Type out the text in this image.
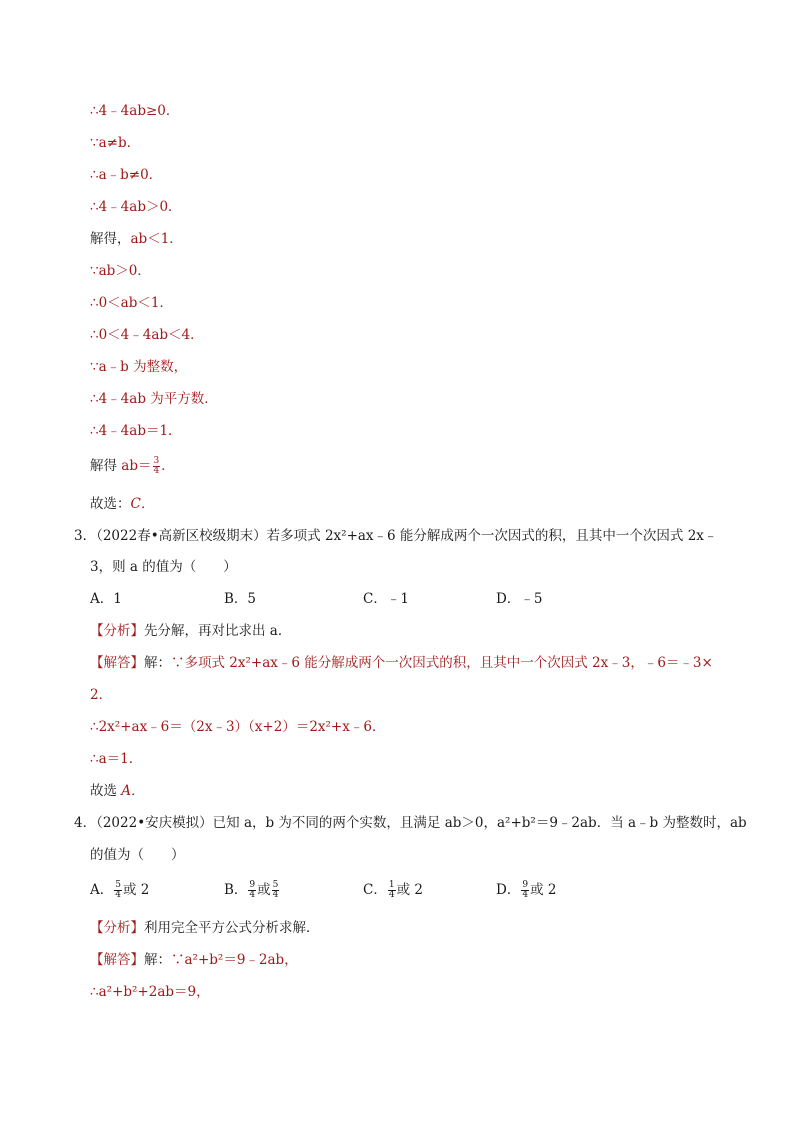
∴4﹣4ab≥0．
∵a≠b．
∴a﹣b≠0．
∴4﹣4ab＞0．
解得，ab＜1．
∵ab＞0．
∴0＜ab＜1．
∴0＜4﹣4ab＜4．
∵a﹣b 为整数，
∴4﹣4ab 为平方数．
∴4﹣4ab＝1．
解得 $ab= \frac{3}{4}$ ．
故选：C．
3．（2022春•高新区校级期末）若多项式 2x²+ax﹣6 能分解成两个一次因式的积，且其中一个次因式 2x﹣
3，则 a 的值为（　　）
A．1	B．5	C．﹣1	D．﹣5
【分析】先分解，再对比求出 a．
【解答】解：∵多项式 2x²+ax﹣6 能分解成两个一次因式的积，且其中一个次因式 2x﹣3，﹣6＝﹣3×
2．
∴2x²+ax﹣6＝（2x﹣3）（x+2）＝2x²+x﹣6．
∴a＝1．
故选 A．
4．（2022•安庆模拟）已知 a，b 为不同的两个实数，且满足 ab＞0，a²+b²＝9﹣2ab．当 a﹣b 为整数时，ab
的值为（　　）
A． $\frac{5}{4}$ 或 2	B． $\frac{9}{4}$ 或 $\frac{5}{4}$	C． $\frac{1}{4}$ 或 2	D． $\frac{9}{4}$ 或 2
【分析】利用完全平方公式分析求解．
【解答】解：∵a²+b²＝9﹣2ab，
∴a²+b²+2ab＝9，
